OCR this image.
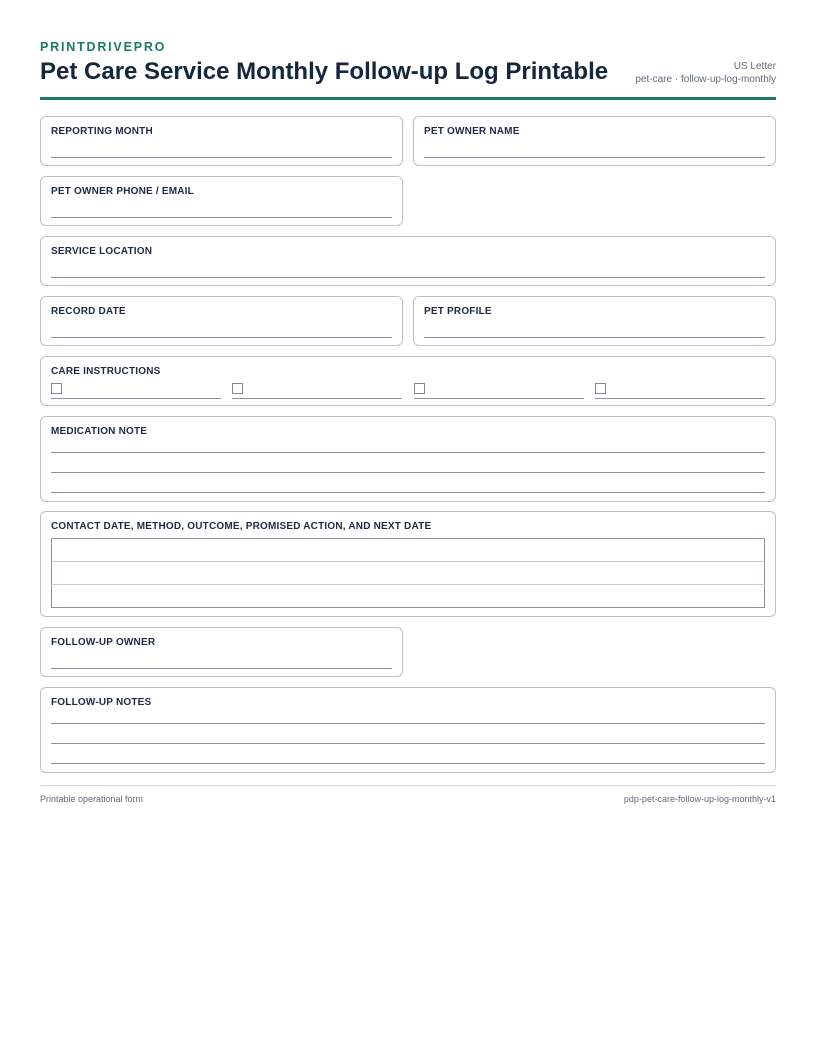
PRINTDRIVEPRO
Pet Care Service Monthly Follow-up Log Printable	US Letter
pet-care · follow-up-log-monthly
REPORTING MONTH	PET OWNER NAME
PET OWNER PHONE / EMAIL
SERVICE LOCATION
RECORD DATE	PET PROFILE
CARE INSTRUCTIONS
MEDICATION NOTE
CONTACT DATE, METHOD, OUTCOME, PROMISED ACTION, AND NEXT DATE

FOLLOW-UP OWNER
FOLLOW-UP NOTES
Printable operational form	pdp-pet-care-follow-up-log-monthly-v1
